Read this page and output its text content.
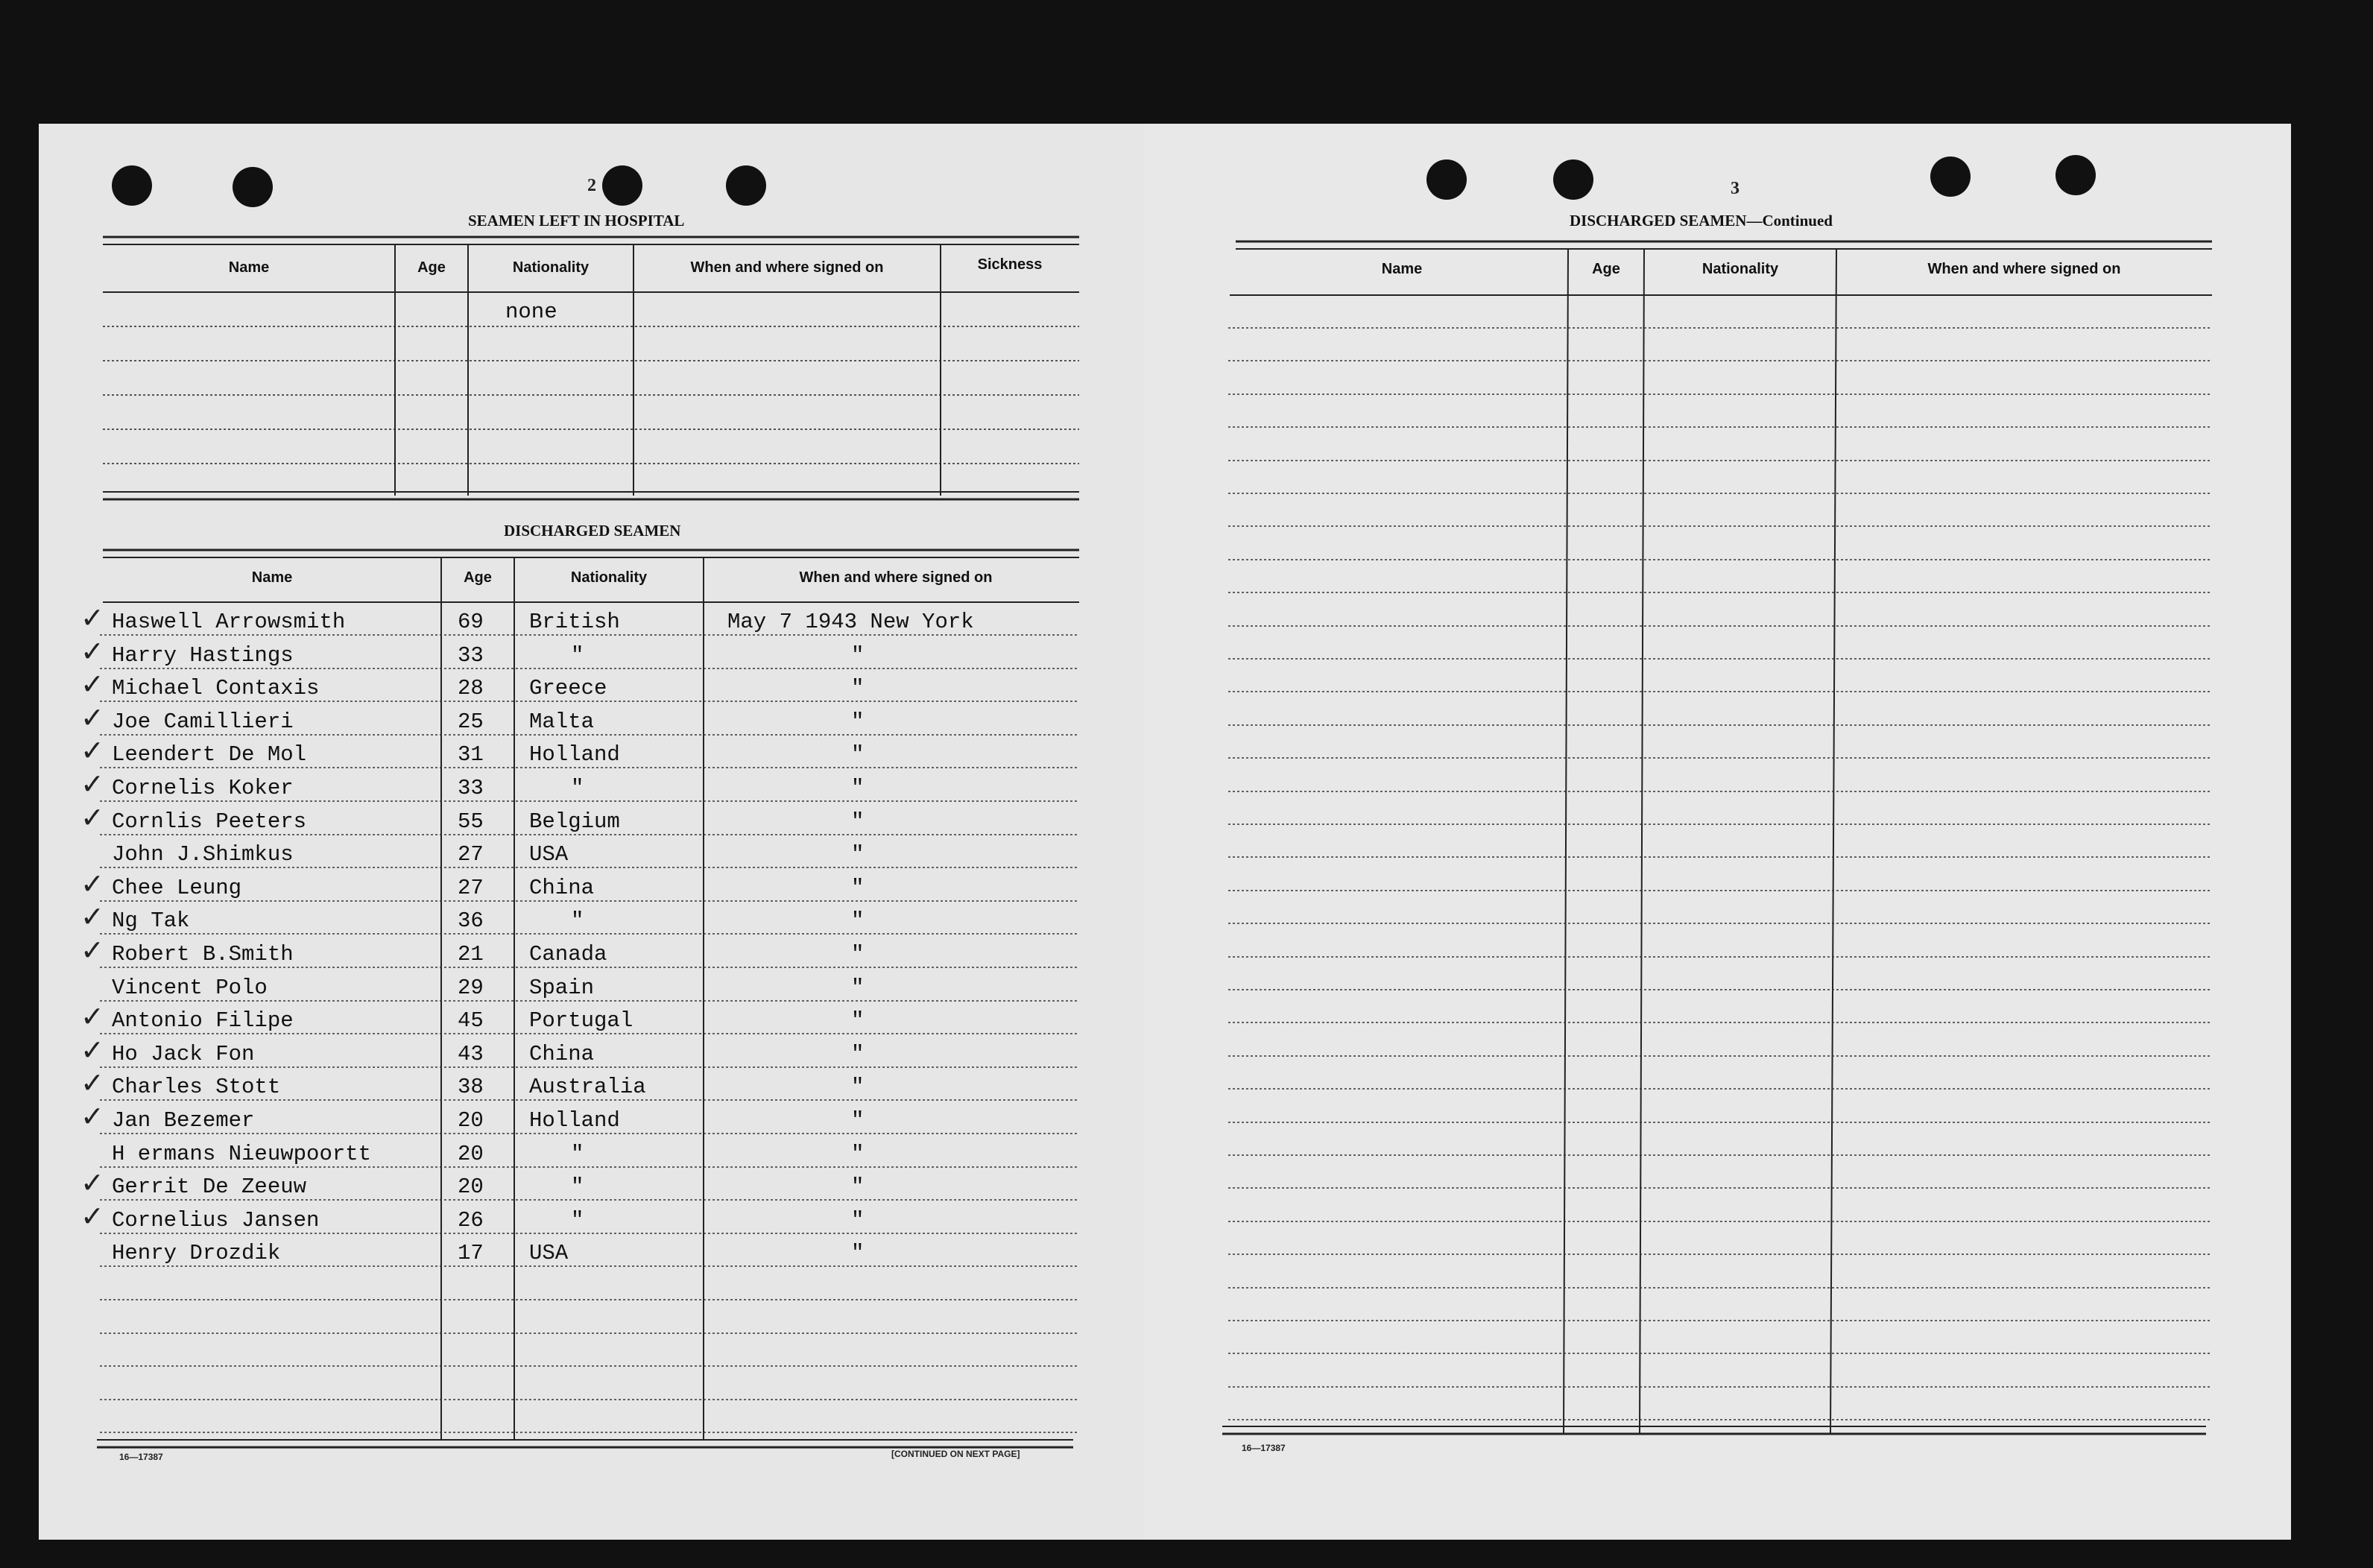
2
SEAMEN LEFT IN HOSPITAL
Name	Age	Nationality	When and where signed on	Sickness
none
DISCHARGED SEAMEN
Name	Age	Nationality	When and where signed on
✓ Haswell Arrowsmith	69 British	May 7 1943 New York
✓ Harry Hastings	33	"	"
✓ Michael Contaxis	28 Greece	"
✓ Joe Camillieri	25 Malta	"
✓ Leendert De Mol	31 Holland	"
✓ Cornelis Koker	33	"	"
✓ Cornlis Peeters	55 Belgium	"
John J.Shimkus	27 USA	"
✓ Chee Leung	27 China	"
✓ Ng Tak	36	"	"
✓ Robert B.Smith	21 Canada	"
Vincent Polo	29 Spain	"
✓ Antonio Filipe	45 Portugal	"
✓ Ho Jack Fon	43 China	"
✓ Charles Stott	38 Australia	"
✓ Jan Bezemer	20 Holland	"
H ermans Nieuwpoortt	20	"	"
✓ Gerrit De Zeeuw	20	"	"
✓ Cornelius Jansen	26	"	"
Henry Drozdik	17 USA	"
16—17387	[CONTINUED ON NEXT PAGE]
3
DISCHARGED SEAMEN—Continued
Name	Age	Nationality	When and where signed on
16—17387
